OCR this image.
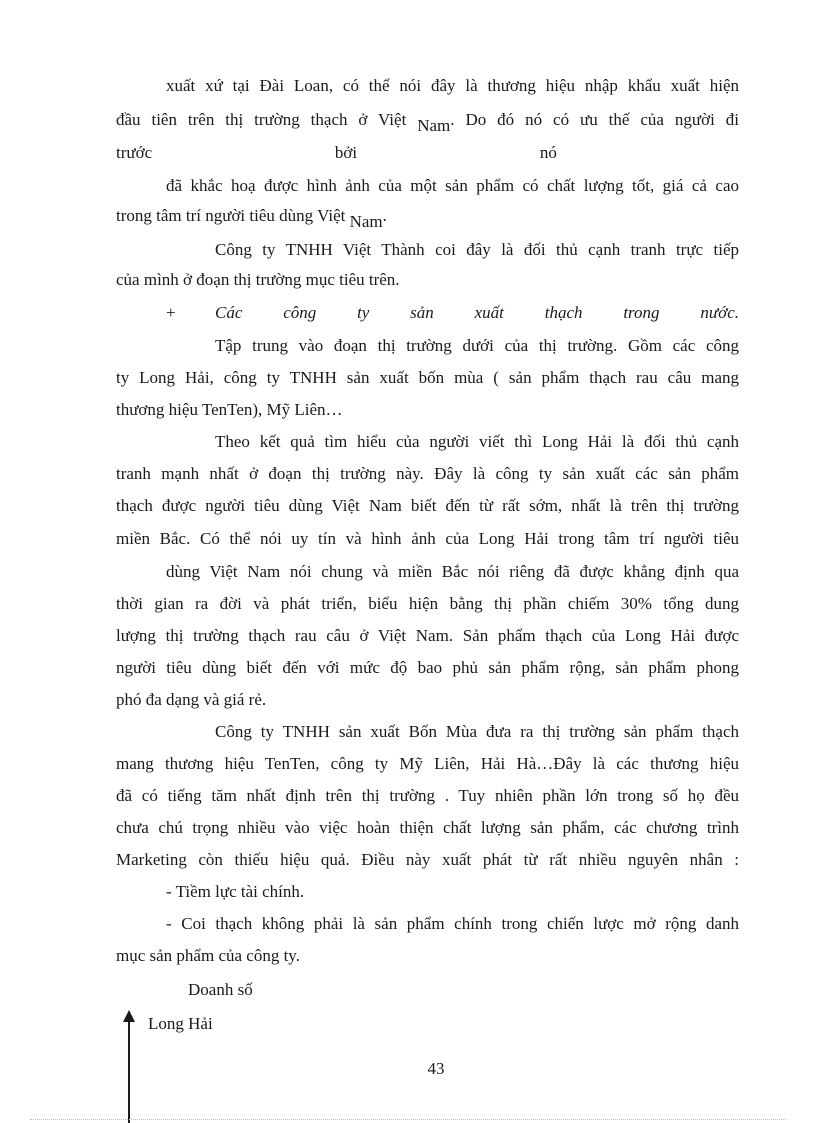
xuất xứ tại Đài Loan, có thể nói đây là thương hiệu nhập khẩu xuất hiện
đầu tiên trên thị trường thạch ở Việt Nam. Do đó nó có ưu thế của người đi
trước                                           bởi                                           nó
đã khắc hoạ được hình ảnh của một sản phẩm có chất lượng tốt, giá cả cao
trong tâm trí người tiêu dùng Việt Nam.
Công ty TNHH Việt Thành coi đây là đối thủ cạnh tranh trực tiếp
của mình ở đoạn thị trường mục tiêu trên.
+	Các công ty sản xuất thạch trong nước.
Tập trung vào đoạn thị trường dưới của thị trường. Gồm các công
ty Long Hải, công ty TNHH sản xuất bốn mùa ( sản phẩm thạch rau câu mang
thương hiệu TenTen), Mỹ Liên…
Theo kết quả tìm hiểu của người viết thì Long Hải là đối thủ cạnh
tranh mạnh nhất ở đoạn thị trường này. Đây là công ty sản xuất các sản phẩm
thạch được người tiêu dùng Việt Nam biết đến từ rất sớm, nhất là trên thị trường
miền Bắc. Có thể nói uy tín và hình ảnh của Long Hải trong tâm trí người tiêu
dùng Việt Nam nói chung và miền Bắc nói riêng đã được khẳng định qua
thời gian ra đời và phát triển, biểu hiện bằng thị phần chiếm 30% tổng dung
lượng thị trường thạch rau câu ở Việt Nam. Sản phẩm thạch của Long Hải được
người tiêu dùng biết đến với mức độ bao phủ sản phẩm rộng, sản phẩm phong
phó đa dạng và giá rẻ.
Công ty TNHH sản xuất Bốn Mùa đưa ra thị trường sản phẩm thạch
mang thương hiệu TenTen, công ty Mỹ Liên, Hải Hà…Đây là các thương hiệu
đã có tiếng tăm nhất định trên thị trường . Tuy nhiên phần lớn trong số họ đều
chưa chú trọng nhiều vào việc hoàn thiện chất lượng sản phẩm, các chương trình
Marketing còn thiếu hiệu quả. Điều này xuất phát từ rất nhiều nguyên nhân :
- Tiềm lực tài chính.
- Coi thạch không phải là sản phẩm chính trong chiến lược mở rộng danh
mục sản phẩm của công ty.
Doanh số
Long Hải
43
